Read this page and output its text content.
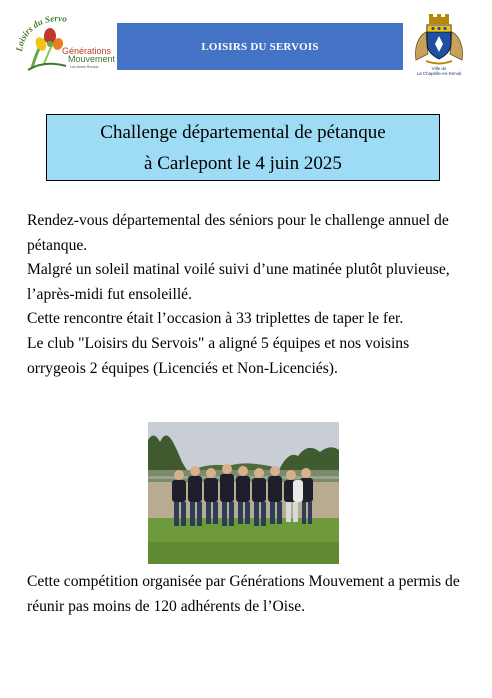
Loisirs du Servo
Générations
Mouvement
Les Aînés Ruraux
LOISIRS DU SERVOIS
Ville de
La Chapelle-en-Serval
Challenge départemental de pétanque
à Carlepont le 4 juin 2025

Rendez-vous départemental des séniors pour le challenge annuel de pétanque.

Malgré un soleil matinal voilé suivi d’une matinée plutôt pluvieuse, l’après-midi fut ensoleillé.

Cette rencontre était l’occasion à 33 triplettes de taper le fer.

Le club "Loisirs du Servois" a aligné 5 équipes et nos voisins orrygeois 2 équipes (Licenciés et Non-Licenciés).

Cette compétition organisée par Générations Mouvement a permis de réunir pas moins de 120 adhérents de l’Oise.
